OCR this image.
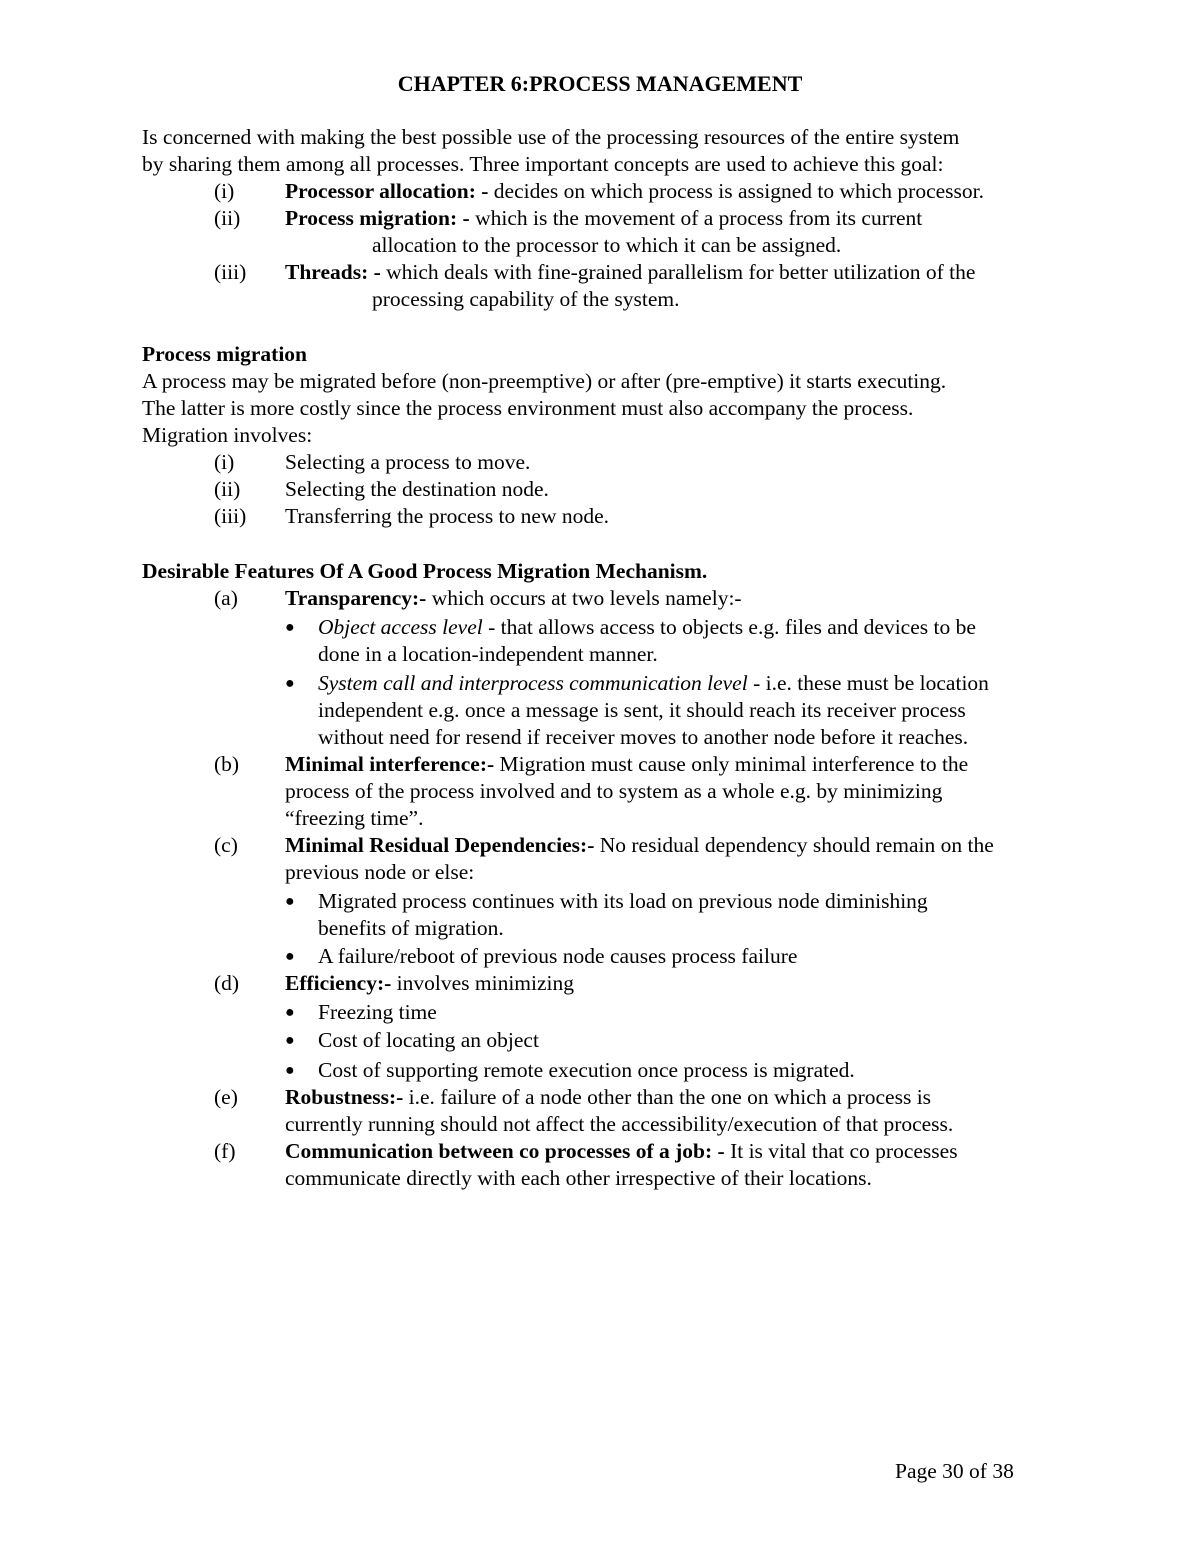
CHAPTER 6:PROCESS MANAGEMENT
Is concerned with making the best possible use of the processing resources of the entire system
by sharing them among all processes. Three important concepts are used to achieve this goal:
(i) Processor allocation: - decides on which process is assigned to which processor.
(ii) Process migration: - which is the movement of a process from its current
allocation to the processor to which it can be assigned.
(iii) Threads: - which deals with fine-grained parallelism for better utilization of the
processing capability of the system.
Process migration
A process may be migrated before (non-preemptive) or after (pre-emptive) it starts executing.
The latter is more costly since the process environment must also accompany the process.
Migration involves:
(i) Selecting a process to move.
(ii) Selecting the destination node.
(iii) Transferring the process to new node.
Desirable Features Of A Good Process Migration Mechanism.
(a) Transparency:- which occurs at two levels namely:-
● Object access level - that allows access to objects e.g. files and devices to be
done in a location-independent manner.
● System call and interprocess communication level - i.e. these must be location
independent e.g. once a message is sent, it should reach its receiver process
without need for resend if receiver moves to another node before it reaches.
(b) Minimal interference:- Migration must cause only minimal interference to the
process of the process involved and to system as a whole e.g. by minimizing
“freezing time”.
(c) Minimal Residual Dependencies:- No residual dependency should remain on the
previous node or else:
● Migrated process continues with its load on previous node diminishing
benefits of migration.
● A failure/reboot of previous node causes process failure
(d) Efficiency:- involves minimizing
● Freezing time
● Cost of locating an object
● Cost of supporting remote execution once process is migrated.
(e) Robustness:- i.e. failure of a node other than the one on which a process is
currently running should not affect the accessibility/execution of that process.
(f) Communication between co processes of a job: - It is vital that co processes
communicate directly with each other irrespective of their locations.
Page 30 of 38
